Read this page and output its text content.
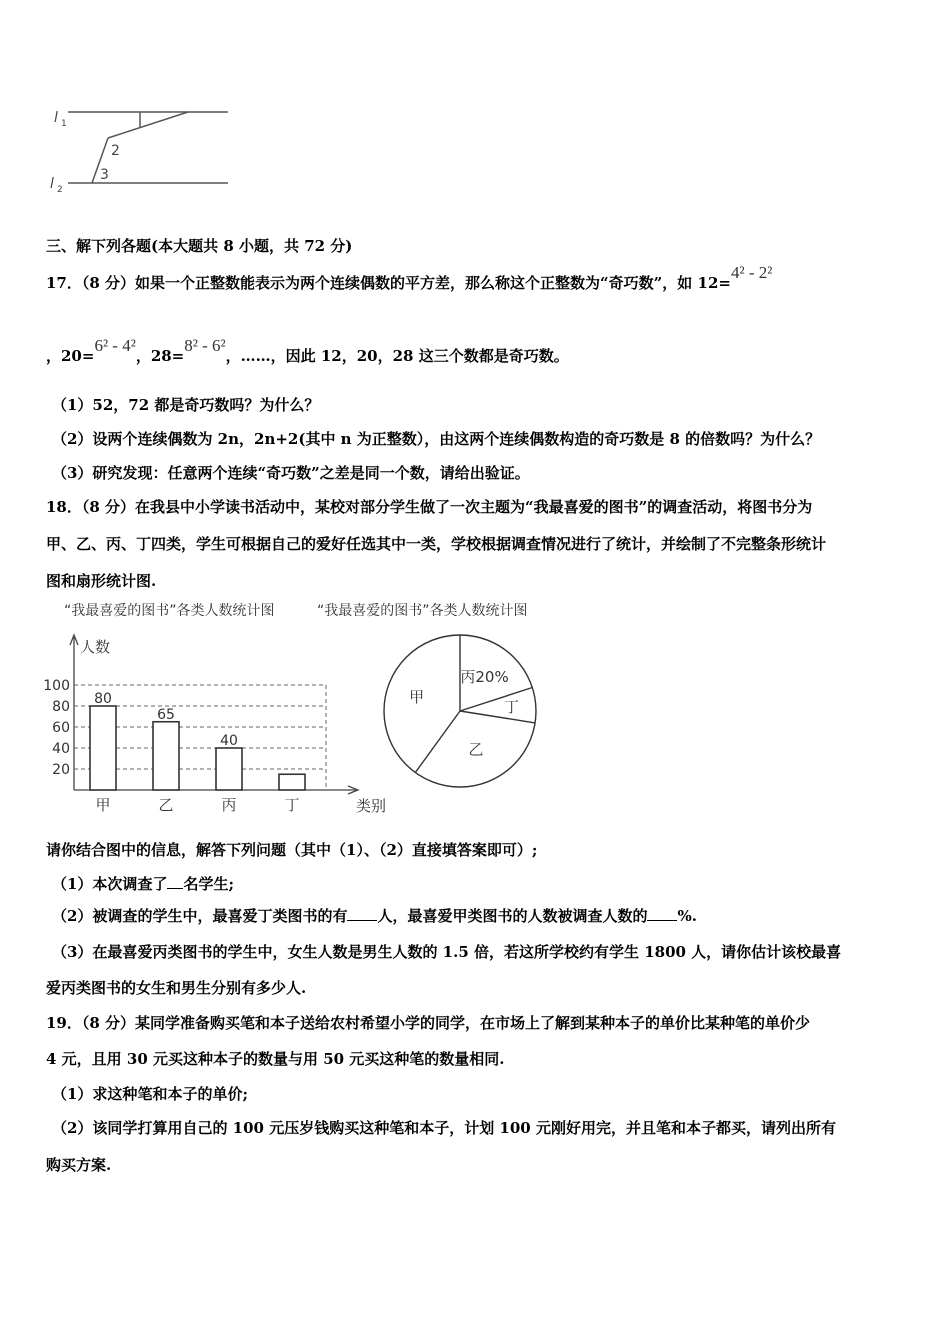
l 1
l 2
2
3
三、解下列各题(本大题共 8 小题，共 72 分)
17．（8 分）如果一个正整数能表示为两个连续偶数的平方差，那么称这个正整数为“奇巧数”，如 12=4² - 2²
，20=6² - 4²，28=8² - 6²，……，因此 12，20，28 这三个数都是奇巧数。
（1）52，72 都是奇巧数吗？为什么？
（2）设两个连续偶数为 2n，2n+2(其中 n 为正整数），由这两个连续偶数构造的奇巧数是 8 的倍数吗？为什么？
（3）研究发现：任意两个连续“奇巧数”之差是同一个数，请给出验证。
18．（8 分）在我县中小学读书活动中，某校对部分学生做了一次主题为“我最喜爱的图书”的调查活动，将图书分为
甲、乙、丙、丁四类，学生可根据自己的爱好任选其中一类，学校根据调查情况进行了统计，并绘制了不完整条形统计
图和扇形统计图.
“我最喜爱的图书”各类人数统计图	“我最喜爱的图书”各类人数统计图
人数
类别
20
40
60
80
100
80
甲
65
乙
40
丙	丁
丙20%
丁
乙
甲
请你结合图中的信息，解答下列问题（其中（1）、（2）直接填答案即可）;
（1）本次调查了 名学生;
（2）被调查的学生中，最喜爱丁类图书的有 人，最喜爱甲类图书的人数被调查人数的 %.
（3）在最喜爱丙类图书的学生中，女生人数是男生人数的 1.5 倍，若这所学校约有学生 1800 人，请你估计该校最喜
爱丙类图书的女生和男生分别有多少人.
19．（8 分）某同学准备购买笔和本子送给农村希望小学的同学，在市场上了解到某种本子的单价比某种笔的单价少
4 元，且用 30 元买这种本子的数量与用 50 元买这种笔的数量相同.
（1）求这种笔和本子的单价;
（2）该同学打算用自己的 100 元压岁钱购买这种笔和本子，计划 100 元刚好用完，并且笔和本子都买，请列出所有
购买方案.
